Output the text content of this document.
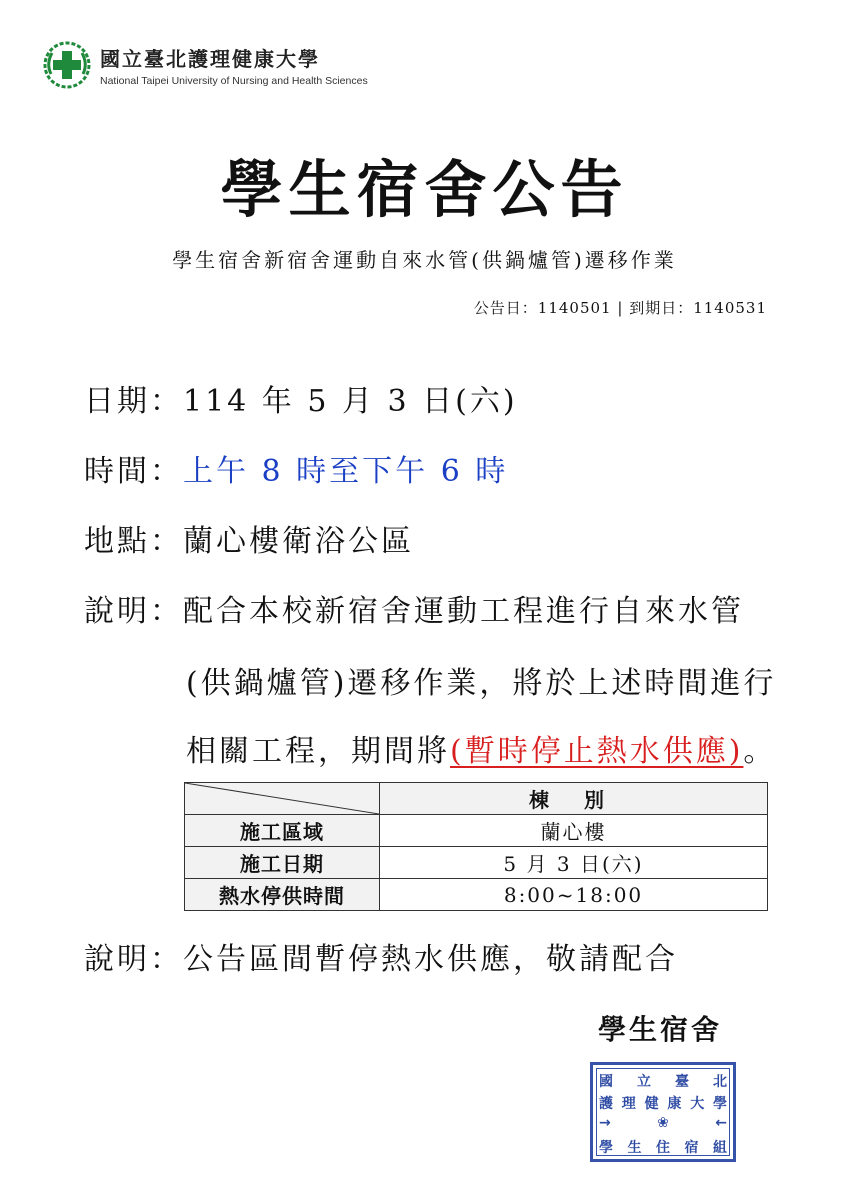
國立臺北護理健康大學
National Taipei University of Nursing and Health Sciences
學生宿舍公告
學生宿舍新宿舍運動自來水管(供鍋爐管)遷移作業
公告日：1140501 | 到期日：1140531
日期：114 年 5 月 3 日(六)
時間：上午 8 時至下午 6 時
地點：蘭心樓衛浴公區
說明：配合本校新宿舍運動工程進行自來水管
(供鍋爐管)遷移作業，將於上述時間進行
相關工程，期間將(暫時停止熱水供應)。
	棟 別
施工區域	蘭心樓
施工日期	5 月 3 日(六)
熱水停供時間	8:00~18:00
說明：公告區間暫停熱水供應，敬請配合
學生宿舍
國 立 臺 北
護 理 健 康 大 學
→	❀	←
學 生 住 宿 組
